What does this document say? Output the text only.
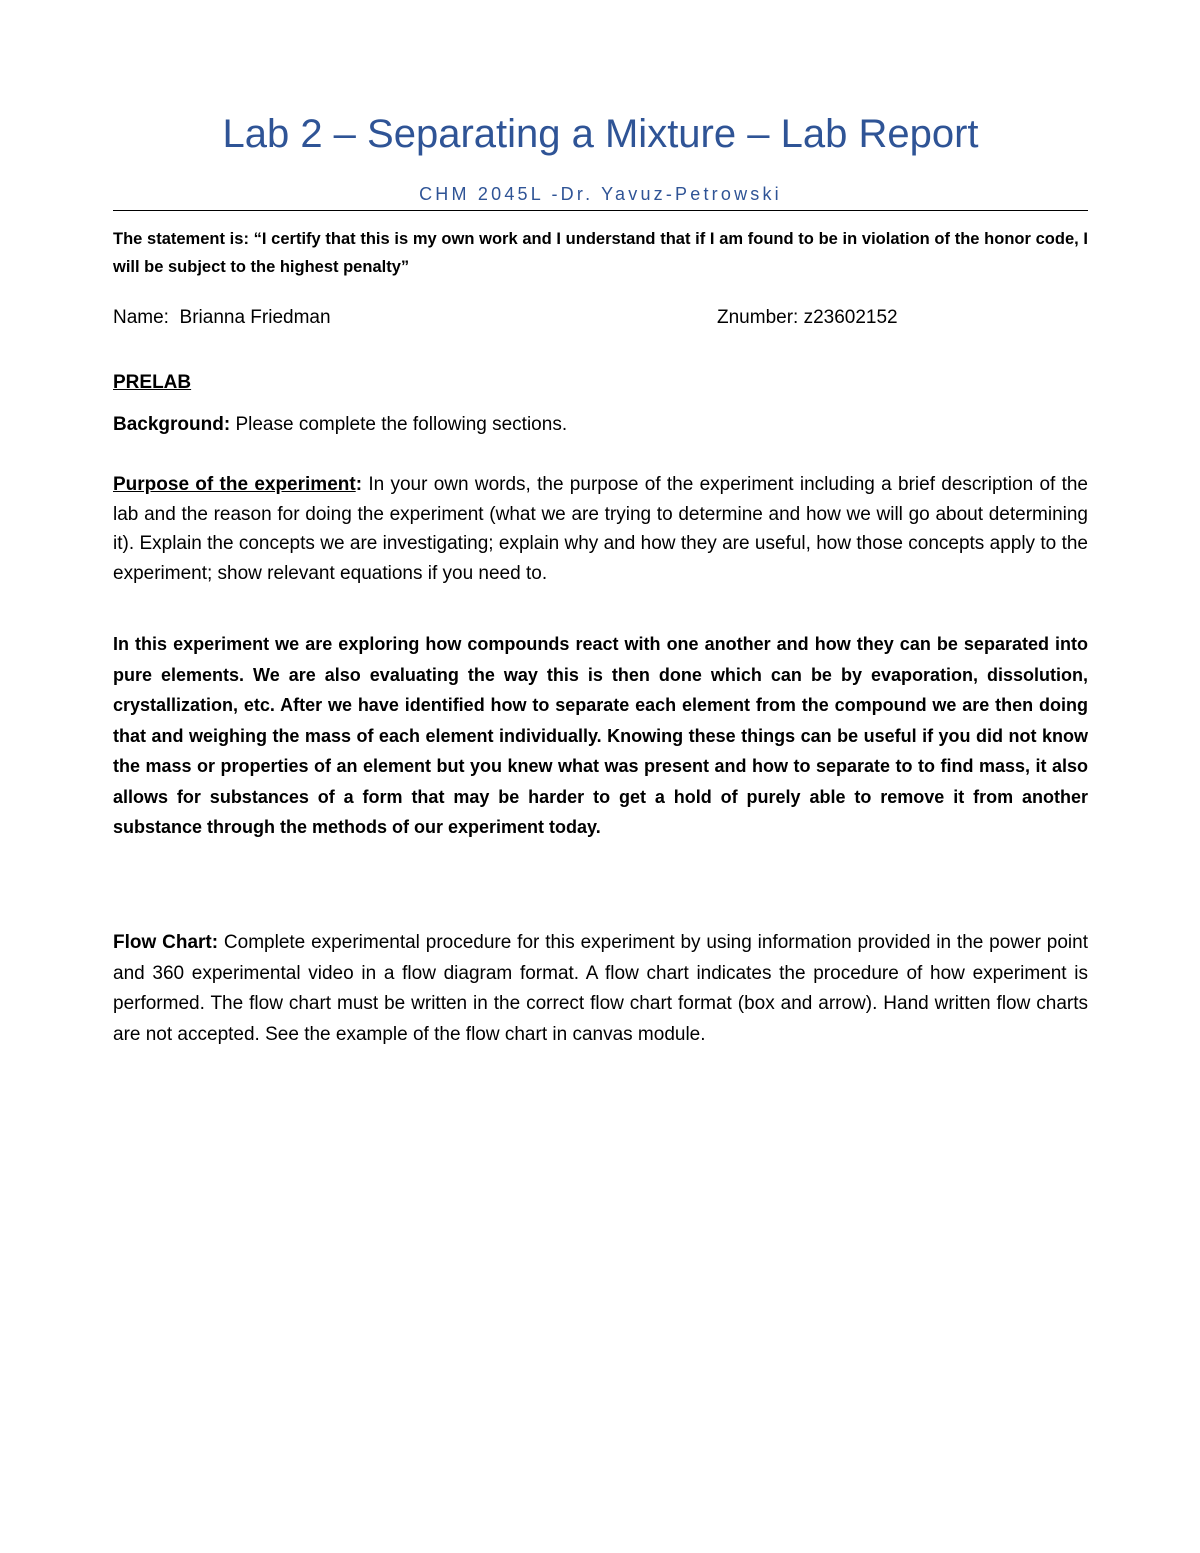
Lab 2 – Separating a Mixture – Lab Report
CHM 2045L -Dr. Yavuz-Petrowski
The statement is: “I certify that this is my own work and I understand that if I am found to be in violation of the honor code, I will be subject to the highest penalty”
Name: Brianna Friedman	Znumber: z23602152
PRELAB
Background: Please complete the following sections.
Purpose of the experiment: In your own words, the purpose of the experiment including a brief description of the lab and the reason for doing the experiment (what we are trying to determine and how we will go about determining it). Explain the concepts we are investigating; explain why and how they are useful, how those concepts apply to the experiment; show relevant equations if you need to.
In this experiment we are exploring how compounds react with one another and how they can be separated into pure elements. We are also evaluating the way this is then done which can be by evaporation, dissolution, crystallization, etc. After we have identified how to separate each element from the compound we are then doing that and weighing the mass of each element individually. Knowing these things can be useful if you did not know the mass or properties of an element but you knew what was present and how to separate to to find mass, it also allows for substances of a form that may be harder to get a hold of purely able to remove it from another substance through the methods of our experiment today.
Flow Chart: Complete experimental procedure for this experiment by using information provided in the power point and 360 experimental video in a flow diagram format. A flow chart indicates the procedure of how experiment is performed. The flow chart must be written in the correct flow chart format (box and arrow). Hand written flow charts are not accepted. See the example of the flow chart in canvas module.
